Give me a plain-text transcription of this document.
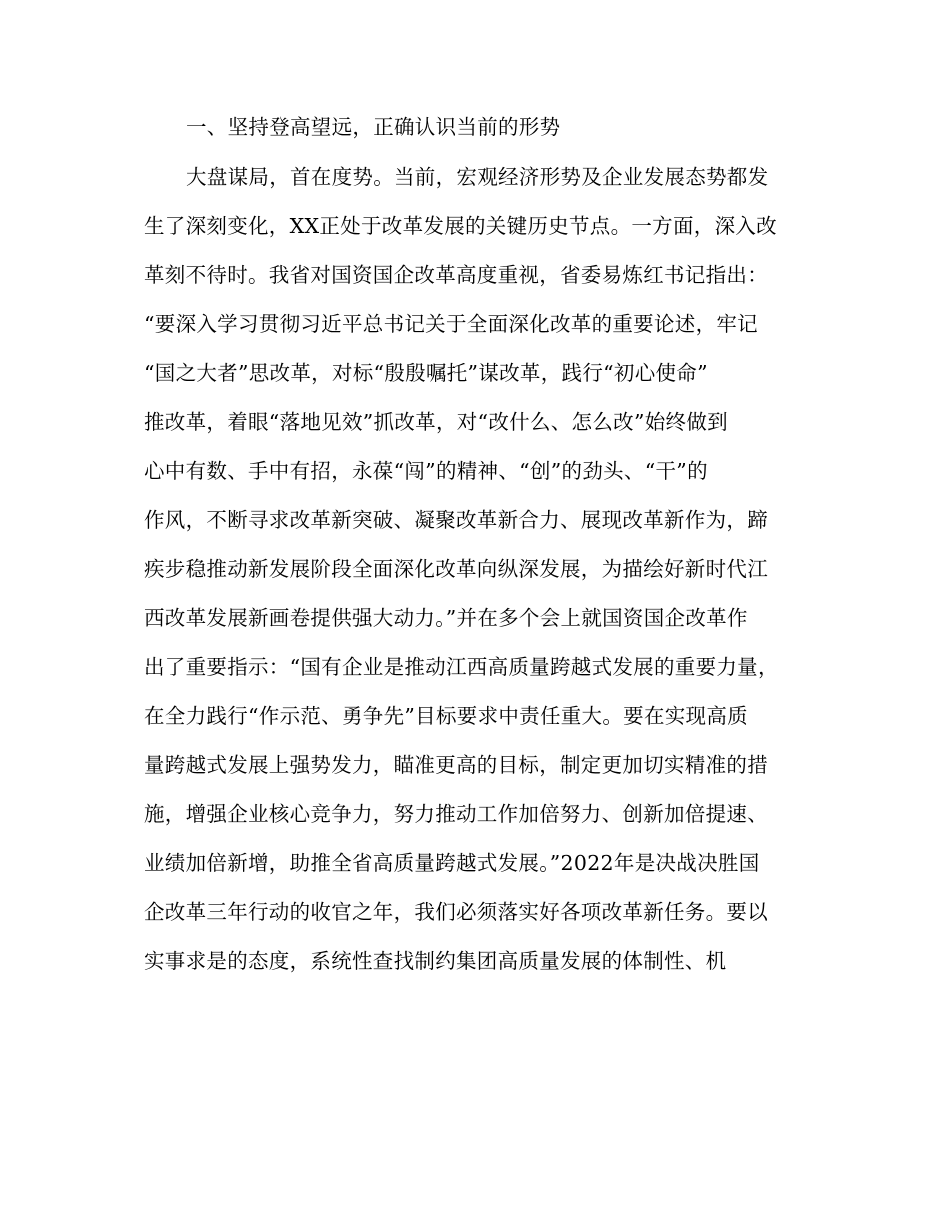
一、坚持登高望远，正确认识当前的形势
大盘谋局，首在度势。当前，宏观经济形势及企业发展态势都发
生了深刻变化，XX正处于改革发展的关键历史节点。一方面，深入改
革刻不待时。我省对国资国企改革高度重视，省委易炼红书记指出：
“要深入学习贯彻习近平总书记关于全面深化改革的重要论述，牢记
“国之大者”思改革，对标“殷殷嘱托”谋改革，践行“初心使命”
推改革，着眼“落地见效”抓改革，对“改什么、怎么改”始终做到
心中有数、手中有招，永葆“闯”的精神、“创”的劲头、“干”的
作风，不断寻求改革新突破、凝聚改革新合力、展现改革新作为，蹄
疾步稳推动新发展阶段全面深化改革向纵深发展，为描绘好新时代江
西改革发展新画卷提供强大动力。”并在多个会上就国资国企改革作
出了重要指示：“国有企业是推动江西高质量跨越式发展的重要力量，
在全力践行“作示范、勇争先”目标要求中责任重大。要在实现高质
量跨越式发展上强势发力，瞄准更高的目标，制定更加切实精准的措
施，增强企业核心竞争力，努力推动工作加倍努力、创新加倍提速、
业绩加倍新增，助推全省高质量跨越式发展。”2022年是决战决胜国
企改革三年行动的收官之年，我们必须落实好各项改革新任务。要以
实事求是的态度，系统性查找制约集团高质量发展的体制性、机
